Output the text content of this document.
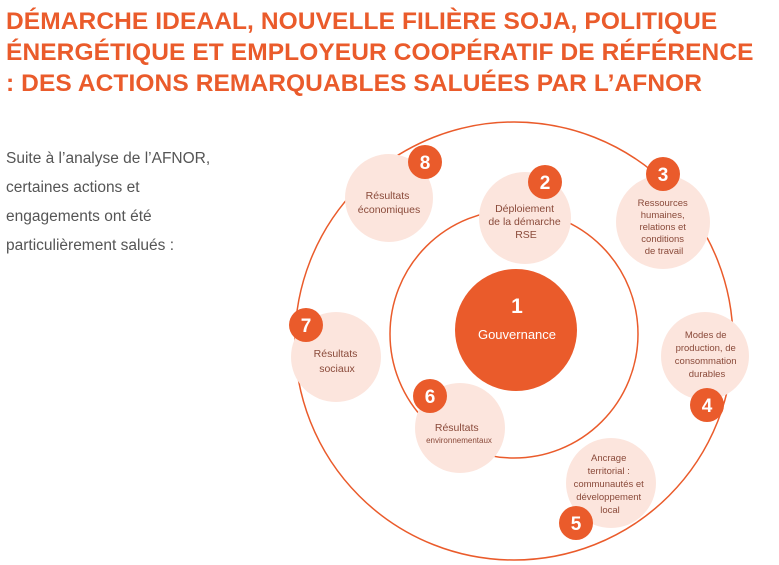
DÉMARCHE IDEAAL, NOUVELLE FILIÈRE SOJA, POLITIQUE
ÉNERGÉTIQUE ET EMPLOYEUR COOPÉRATIF DE RÉFÉRENCE
: DES ACTIONS REMARQUABLES SALUÉES PAR L’AFNOR

Suite à l’analyse de l’AFNOR,
certaines actions et
engagements ont été
particulièrement salués :

1
Gouvernance
Déploiement de la démarche RSE
Ressources humaines, relations et conditions de travail
Modes de production, de consommation durables
Ancrage territorial : communautés et développement local
Résultats environnementaux
Résultats sociaux
Résultats économiques
2	3
4
5
6
7
8
